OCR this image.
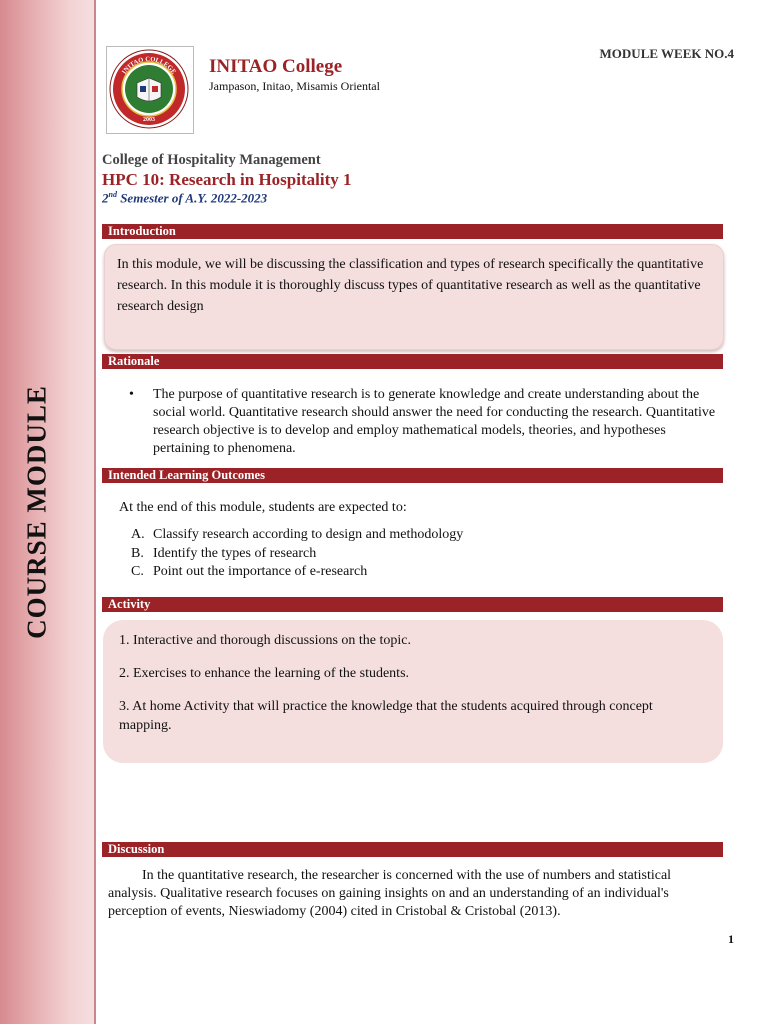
COURSE MODULE
INITAO COLLEGE
2003
INITAO College
Jampason, Initao, Misamis Oriental
MODULE WEEK NO.4
College of Hospitality Management
HPC 10: Research in Hospitality 1
2nd Semester of A.Y. 2022-2023
Introduction
In this module, we will be discussing the classification and types of research specifically the quantitative research. In this module it is thoroughly discuss types of quantitative research as well as the quantitative research design
Rationale
•	The purpose of quantitative research is to generate knowledge and create understanding about the social world. Quantitative research should answer the need for conducting the research. Quantitative research objective is to develop and employ mathematical models, theories, and hypotheses pertaining to phenomena.
Intended Learning Outcomes
At the end of this module, students are expected to:
A. Classify research according to design and methodology
B. Identify the types of research
C. Point out the importance of e-research
Activity

1. Interactive and thorough discussions on the topic.

2. Exercises to enhance the learning of the students.

3. At home Activity that will practice the knowledge that the students acquired through concept mapping.

Discussion
In the quantitative research, the researcher is concerned with the use of numbers and statistical analysis. Qualitative research focuses on gaining insights on and an understanding of an individual's perception of events, Nieswiadomy (2004) cited in Cristobal & Cristobal (2013).
1
